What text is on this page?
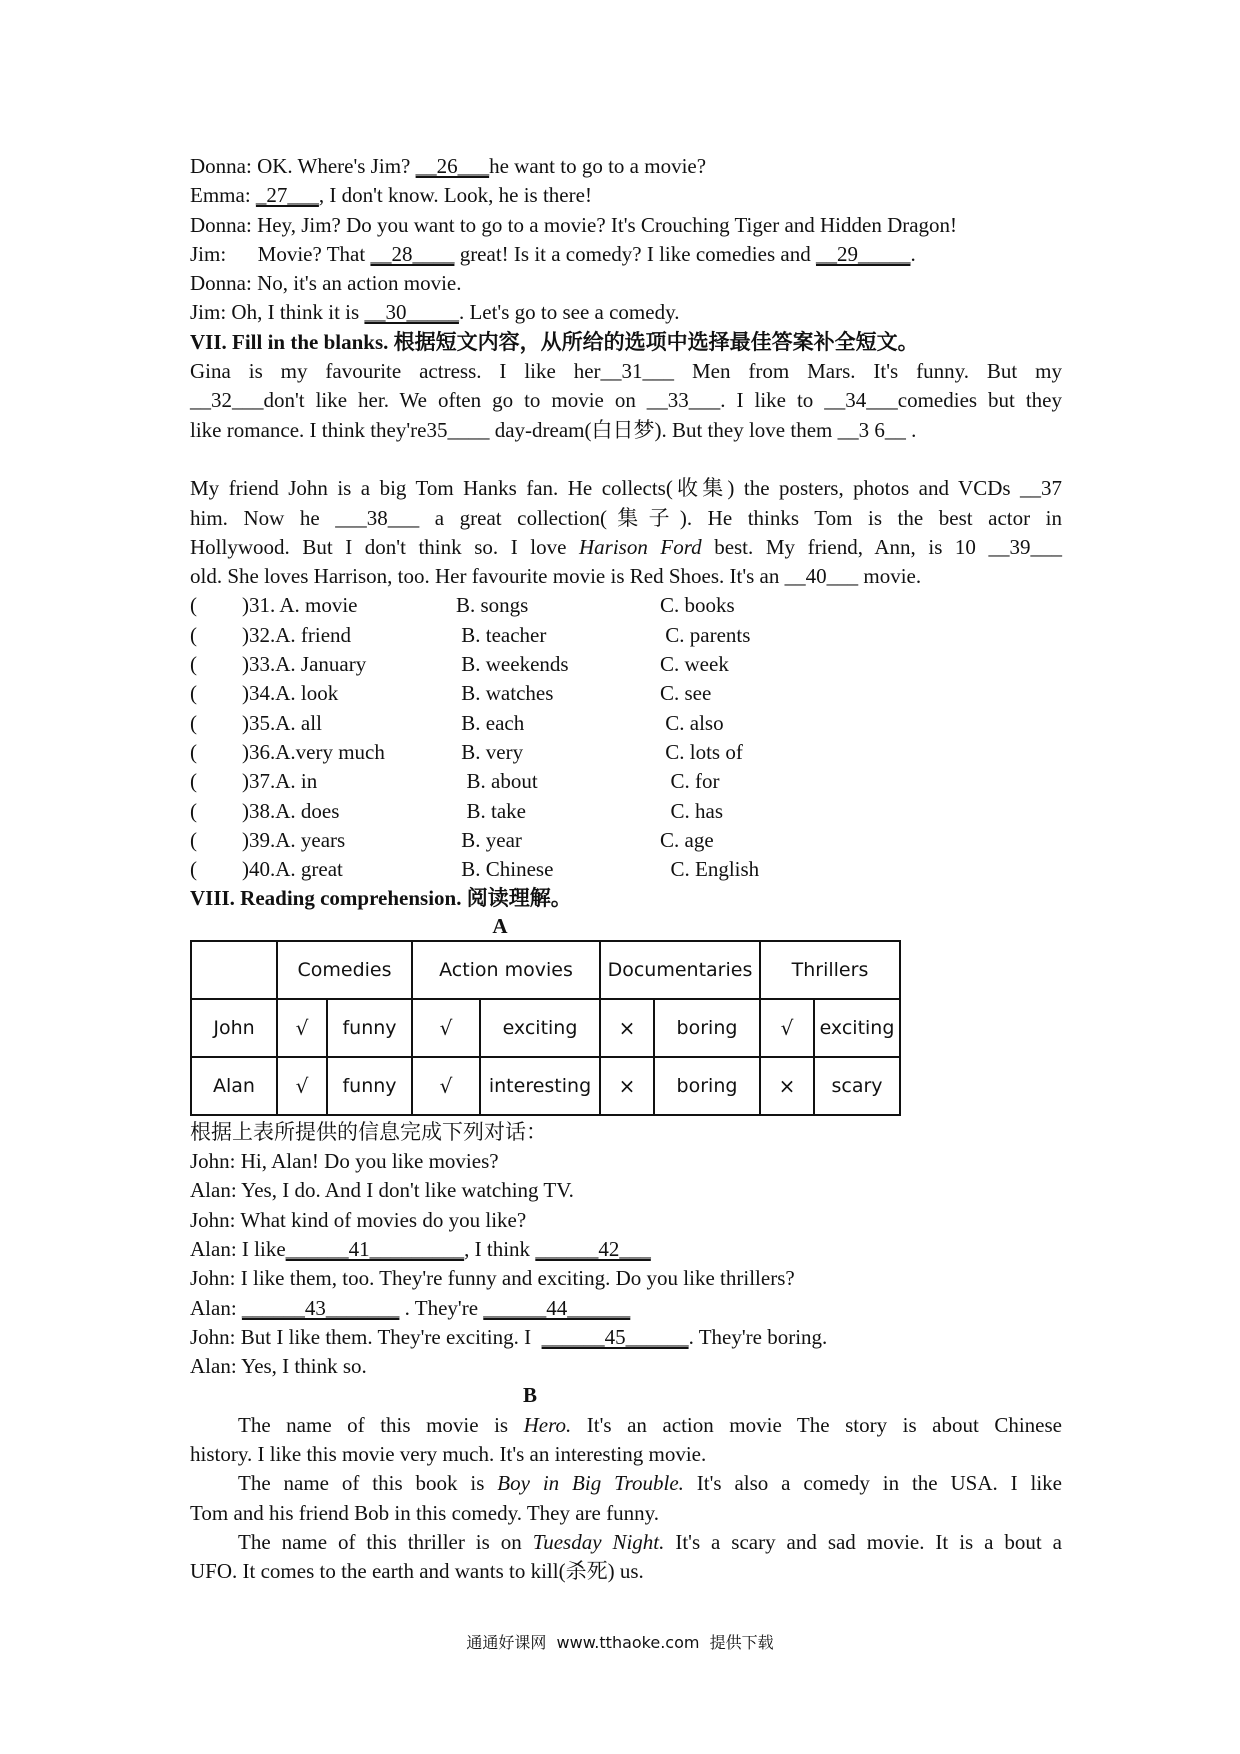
Donna: OK. Where's Jim? __26___he want to go to a movie?
Emma: _27___, I don't know. Look, he is there!
Donna: Hey, Jim? Do you want to go to a movie? It's Crouching Tiger and Hidden Dragon!
Jim:      Movie? That __28____ great! Is it a comedy? I like comedies and __29_____.
Donna: No, it's an action movie.
Jim: Oh, I think it is __30_____. Let's go to see a comedy.
VII. Fill in the blanks. 根据短文内容，从所给的选项中选择最佳答案补全短文。
Gina is my favourite actress. I like her__31___ Men from Mars. It's funny. But my
__32___don't like her. We often go to movie on __33___. I like to __34___comedies but they
like romance. I think they're35____ day-dream(白日梦). But they love them __3 6__ .

My friend John is a big Tom Hanks fan. He collects(收集) the posters, photos and VCDs __37
him. Now he ___38___ a great collection(集子). He thinks Tom is the best actor in
Hollywood. But I don't think so. I love Harison Ford best. My friend, Ann, is 10 __39___
old. She loves Harrison, too. Her favourite movie is Red Shoes. It's an __40___ movie.
(	)31. A. movie	B. songs	C. books
(	)32.A. friend	B. teacher	C. parents
(	)33.A. January	B. weekends	C. week
(	)34.A. look	B. watches	C. see
(	)35.A. all	B. each	C. also
(	)36.A.very much	B. very	C. lots of
(	)37.A. in	B. about	C. for
(	)38.A. does	B. take	C. has
(	)39.A. years	B. year	C. age
(	)40.A. great	B. Chinese	C. English
VIII. Reading comprehension. 阅读理解。
A
	Comedies		Action movies		Documentaries		Thrillers	
John	√	funny	√	exciting	×	boring	√	exciting
Alan	√	funny	√	interesting	×	boring	×	scary
根据上表所提供的信息完成下列对话：
John: Hi, Alan! Do you like movies?
Alan: Yes, I do. And I don't like watching TV.
John: What kind of movies do you like?
Alan: I like______41_________, I think ______42___
John: I like them, too. They're funny and exciting. Do you like thrillers?
Alan: ______43_______ . They're ______44______
John: But I like them. They're exciting. I  ______45______. They're boring.
Alan: Yes, I think so.
B
The name of this movie is Hero. It's an action movie The story is about Chinese
history. I like this movie very much. It's an interesting movie.
The name of this book is Boy in Big Trouble. It's also a comedy in the USA. I like
Tom and his friend Bob in this comedy. They are funny.
The name of this thriller is on Tuesday Night. It's a scary and sad movie. It is a bout a
UFO. It comes to the earth and wants to kill(杀死) us.
通通好课网  www.tthaoke.com  提供下载
